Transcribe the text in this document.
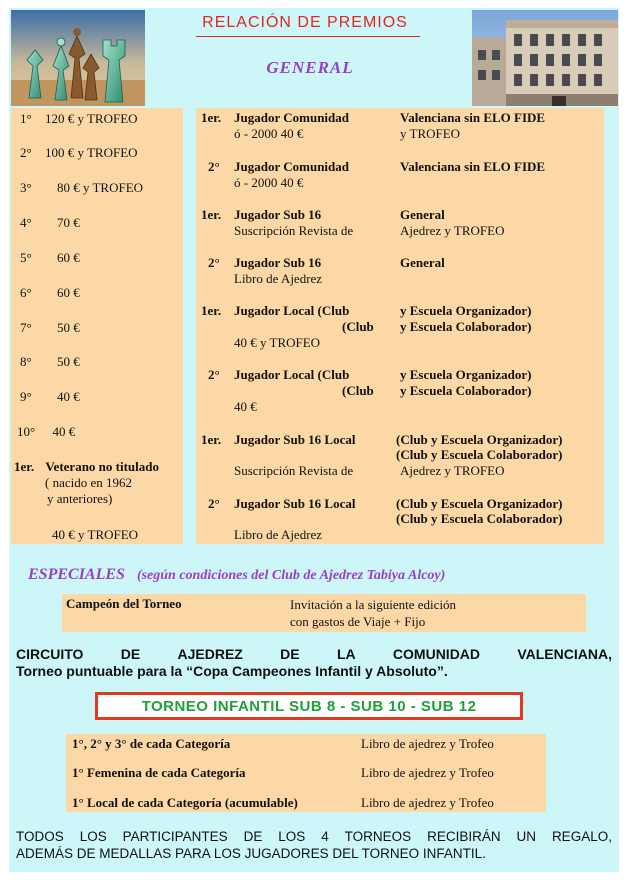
RELACIÓN DE PREMIOS
GENERAL
1° 120 € y TROFEO
2° 100 € y TROFEO
3° 80 € y TROFEO
4° 70 €
5° 60 €
6° 60 €
7° 50 €
8° 50 €
9° 40 €
10° 40 €
1er. Veterano no titulado
( nacido en 1962
y anteriores)
40 € y TROFEO
1er. Jugador Comunidad	Valenciana sin ELO FIDE
ó - 2000 40 €	y TROFEO
2° Jugador Comunidad	Valenciana sin ELO FIDE
ó - 2000 40 €
1er. Jugador Sub 16	General
Suscripción Revista de	Ajedrez y TROFEO
2° Jugador Sub 16	General
Libro de Ajedrez
1er. Jugador Local (Club	y Escuela Organizador)
(Club y Escuela Colaborador)
40 € y TROFEO
2° Jugador Local (Club	y Escuela Organizador)
(Club y Escuela Colaborador)
40 €
1er. Jugador Sub 16 Local	(Club y Escuela Organizador)
(Club y Escuela Colaborador)
Suscripción Revista de	Ajedrez y TROFEO
2° Jugador Sub 16 Local	(Club y Escuela Organizador)
(Club y Escuela Colaborador)
Libro de Ajedrez
ESPECIALES (según condiciones del Club de Ajedrez Tabiya Alcoy)
Campeón del Torneo	Invitación a la siguiente edición
con gastos de Viaje + Fijo
CIRCUITO	DE	AJEDREZ	DE	LA	COMUNIDAD	VALENCIANA,
Torneo puntuable para la “Copa Campeones Infantil y Absoluto”.
TORNEO INFANTIL SUB 8 - SUB 10 - SUB 12
1°, 2° y 3° de cada Categoría	Libro de ajedrez y Trofeo
1° Femenina de cada Categoría	Libro de ajedrez y Trofeo
1° Local de cada Categoría (acumulable)	Libro de ajedrez y Trofeo
TODOS LOS PARTICIPANTES DE LOS 4 TORNEOS RECIBIRÁN UN REGALO,
ADEMÁS DE MEDALLAS PARA LOS JUGADORES DEL TORNEO INFANTIL.
